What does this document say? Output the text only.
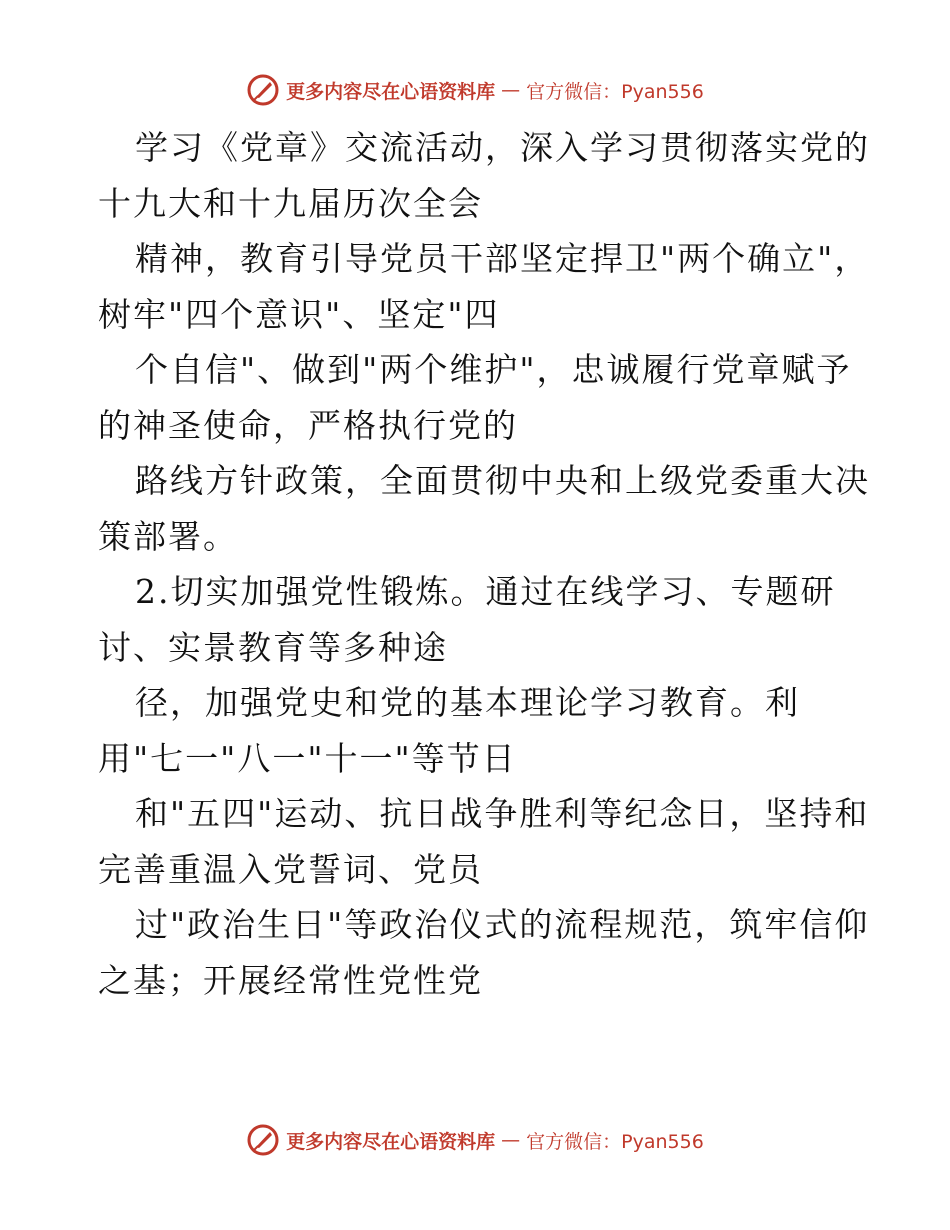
更多内容尽在心语资料库 — 官方微信：Pyan556
学习《党章》交流活动，深入学习贯彻落实党的
十九大和十九届历次全会
精神，教育引导党员干部坚定捍卫"两个确立"，
树牢"四个意识"、坚定"四
个自信"、做到"两个维护"，忠诚履行党章赋予
的神圣使命，严格执行党的
路线方针政策，全面贯彻中央和上级党委重大决
策部署。
2.切实加强党性锻炼。通过在线学习、专题研
讨、实景教育等多种途
径，加强党史和党的基本理论学习教育。利
用"七一"八一"十一"等节日
和"五四"运动、抗日战争胜利等纪念日，坚持和
完善重温入党誓词、党员
过"政治生日"等政治仪式的流程规范，筑牢信仰
之基；开展经常性党性党
更多内容尽在心语资料库 — 官方微信：Pyan556
